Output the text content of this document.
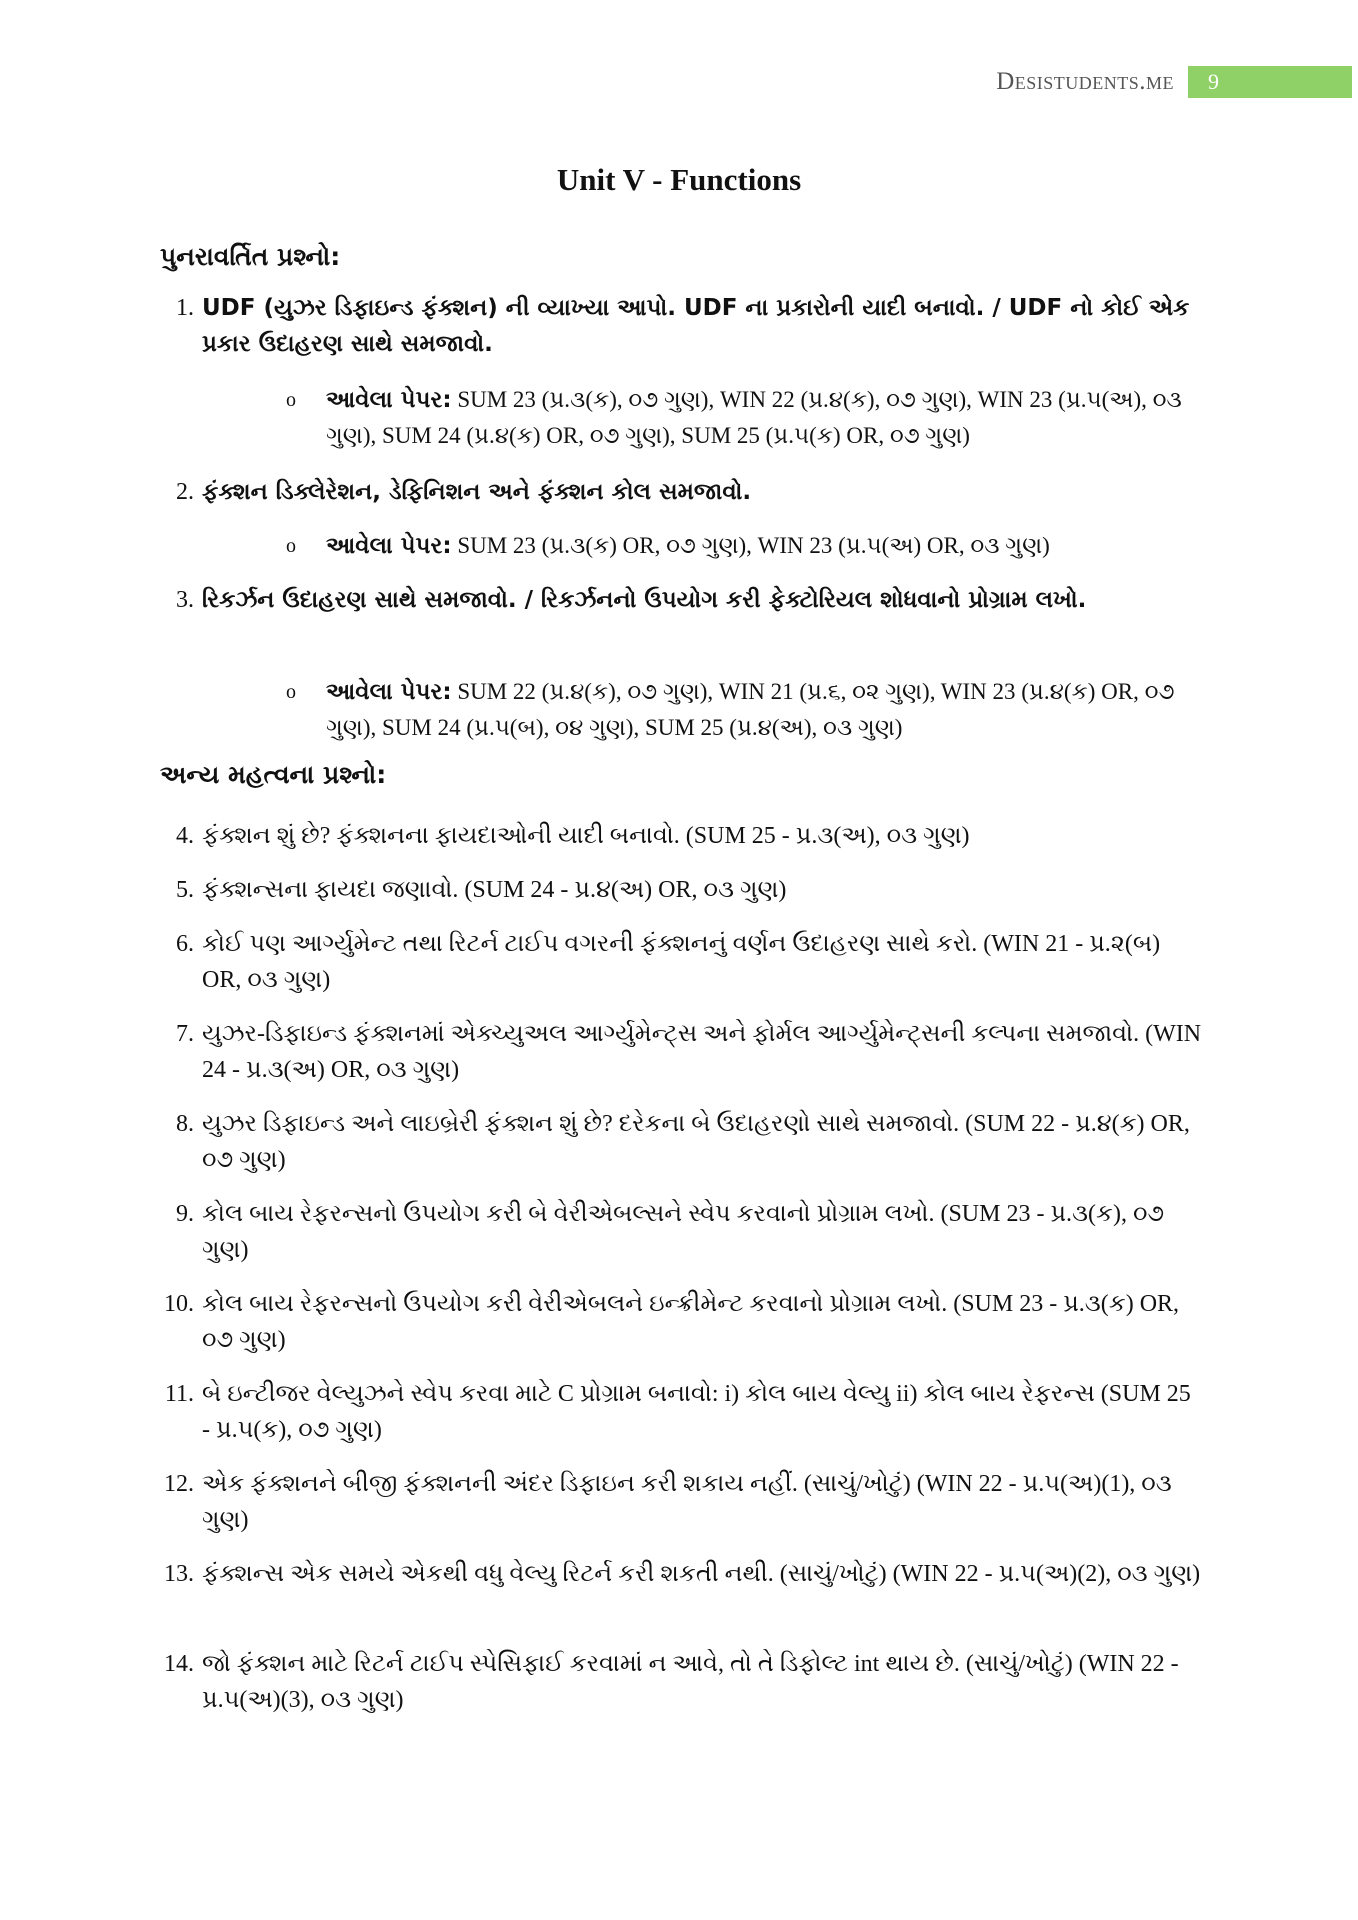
Desistudents.me	9
Unit V - Functions
પુનરાવર્તિત પ્રશ્નો:
1. UDF (યુઝર ડિફાઇન્ડ ફંક્શન) ની વ્યાખ્યા આપો. UDF ના પ્રકારોની યાદી બનાવો. / UDF નો કોઈ એક પ્રકાર ઉદાહરણ સાથે સમજાવો.
o આવેલા પેપર: SUM 23 (પ્ર.૩(ક), ૦૭ ગુણ), WIN 22 (પ્ર.૪(ક), ૦૭ ગુણ), WIN 23 (પ્ર.૫(અ), ૦૩ ગુણ), SUM 24 (પ્ર.૪(ક) OR, ૦૭ ગુણ), SUM 25 (પ્ર.૫(ક) OR, ૦૭ ગુણ)
2. ફંક્શન ડિક્લેરેશન, ડેફિનિશન અને ફંક્શન કોલ સમજાવો.
o આવેલા પેપર: SUM 23 (પ્ર.૩(ક) OR, ૦૭ ગુણ), WIN 23 (પ્ર.૫(અ) OR, ૦૩ ગુણ)
3. રિકર્ઝન ઉદાહરણ સાથે સમજાવો. / રિકર્ઝનનો ઉપયોગ કરી ફેક્ટોરિયલ શોધવાનો પ્રોગ્રામ લખો.
o આવેલા પેપર: SUM 22 (પ્ર.૪(ક), ૦૭ ગુણ), WIN 21 (પ્ર.૬, ૦૨ ગુણ), WIN 23 (પ્ર.૪(ક) OR, ૦૭ ગુણ), SUM 24 (પ્ર.૫(બ), ૦૪ ગુણ), SUM 25 (પ્ર.૪(અ), ૦૩ ગુણ)
અન્ય મહત્વના પ્રશ્નો:
4. ફંક્શન શું છે? ફંક્શનના ફાયદાઓની યાદી બનાવો. (SUM 25 - પ્ર.૩(અ), ૦૩ ગુણ)
5. ફંક્શન્સના ફાયદા જણાવો. (SUM 24 - પ્ર.૪(અ) OR, ૦૩ ગુણ)
6. કોઈ પણ આર્ગ્યુમેન્ટ તથા રિટર્ન ટાઈપ વગરની ફંક્શનનું વર્ણન ઉદાહરણ સાથે કરો. (WIN 21 - પ્ર.૨(બ) OR, ૦૩ ગુણ)
7. યુઝર-ડિફાઇન્ડ ફંક્શનમાં એક્ચ્યુઅલ આર્ગ્યુમેન્ટ્સ અને ફોર્મલ આર્ગ્યુમેન્ટ્સની કલ્પના સમજાવો. (WIN 24 - પ્ર.૩(અ) OR, ૦૩ ગુણ)
8. યુઝર ડિફાઇન્ડ અને લાઇબ્રેરી ફંક્શન શું છે? દરેકના બે ઉદાહરણો સાથે સમજાવો. (SUM 22 - પ્ર.૪(ક) OR, ૦૭ ગુણ)
9. કોલ બાય રેફરન્સનો ઉપયોગ કરી બે વેરીએબલ્સને સ્વેપ કરવાનો પ્રોગ્રામ લખો. (SUM 23 - પ્ર.૩(ક), ૦૭ ગુણ)
10. કોલ બાય રેફરન્સનો ઉપયોગ કરી વેરીએબલને ઇન્ક્રીમેન્ટ કરવાનો પ્રોગ્રામ લખો. (SUM 23 - પ્ર.૩(ક) OR, ૦૭ ગુણ)
11. બે ઇન્ટીજર વેલ્યુઝને સ્વેપ કરવા માટે C પ્રોગ્રામ બનાવો: i) કોલ બાય વેલ્યુ ii) કોલ બાય રેફરન્સ (SUM 25 - પ્ર.૫(ક), ૦૭ ગુણ)
12. એક ફંક્શનને બીજી ફંક્શનની અંદર ડિફાઇન કરી શકાય નહીં. (સાચું/ખોટું) (WIN 22 - પ્ર.૫(અ)(1), ૦૩ ગુણ)
13. ફંક્શન્સ એક સમયે એકથી વધુ વેલ્યુ રિટર્ન કરી શકતી નથી. (સાચું/ખોટું) (WIN 22 - પ્ર.૫(અ)(2), ૦૩ ગુણ)
14. જો ફંક્શન માટે રિટર્ન ટાઈપ સ્પેસિફાઈ કરવામાં ન આવે, તો તે ડિફોલ્ટ int થાય છે. (સાચું/ખોટું) (WIN 22 - પ્ર.૫(અ)(3), ૦૩ ગુણ)
